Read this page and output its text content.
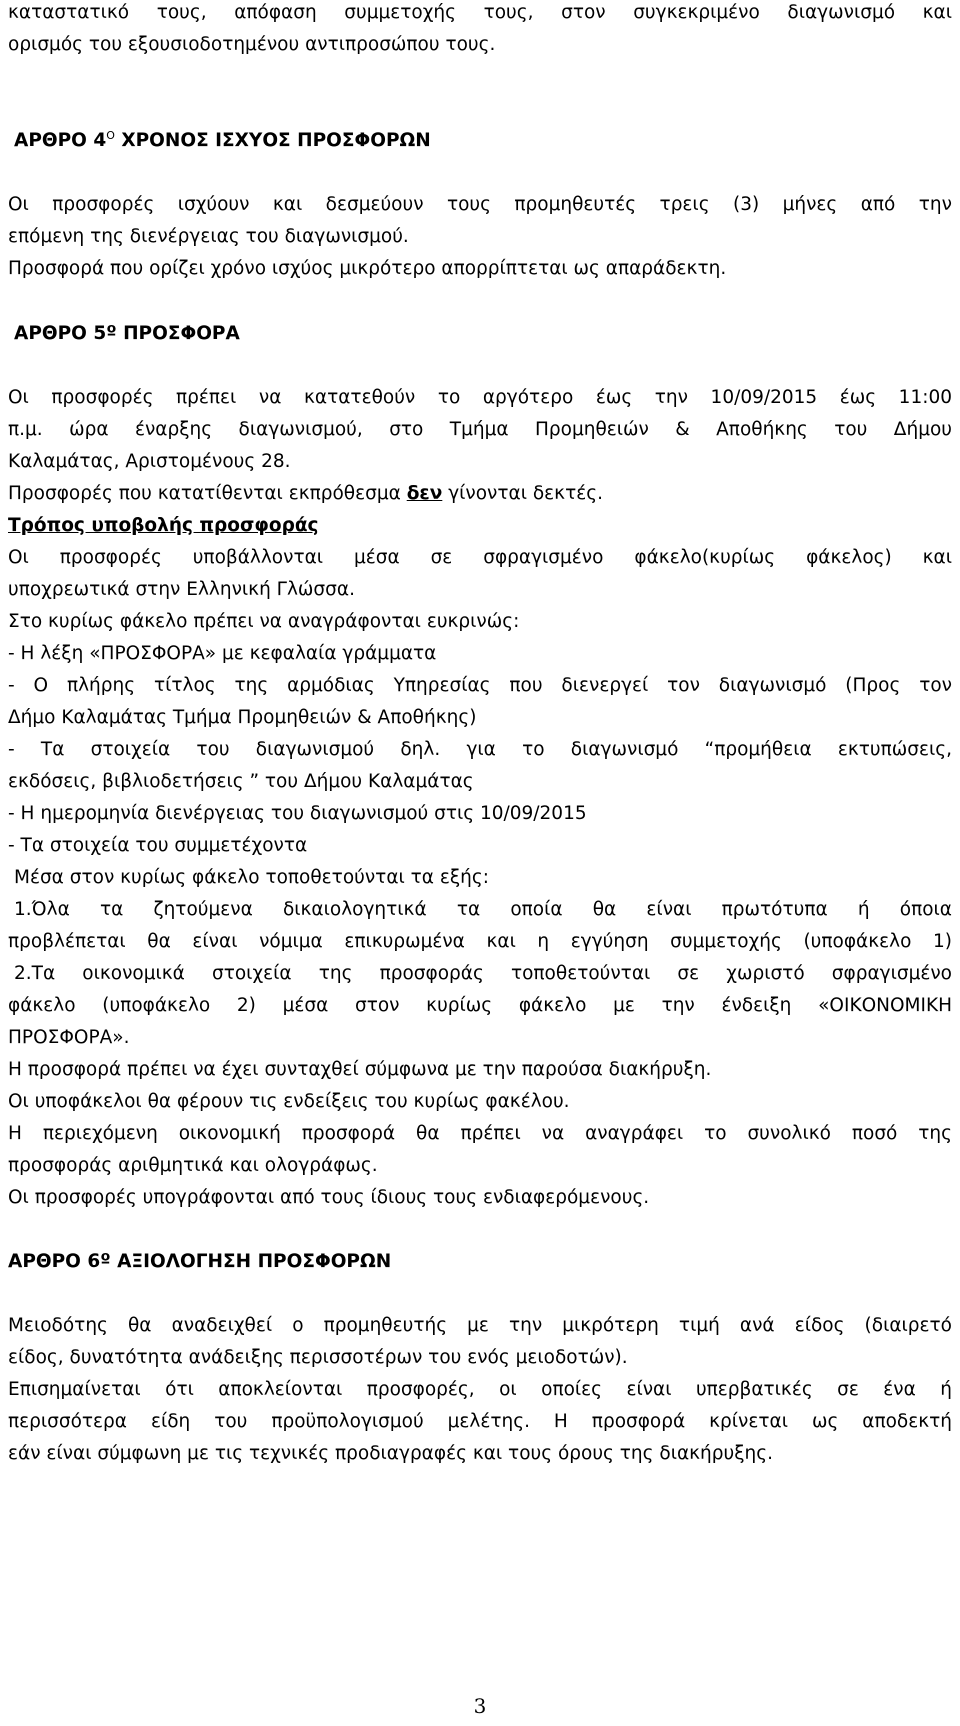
καταστατικό τους, απόφαση συμμετοχής τους, στον συγκεκριμένο διαγωνισμό και

ορισμός του εξουσιοδοτημένου αντιπροσώπου τους.

ΑΡΘΡΟ $4^O$ ΧΡΟΝΟΣ ΙΣΧΥΟΣ ΠΡΟΣΦΟΡΩΝ

Οι προσφορές ισχύουν και δεσμεύουν τους προμηθευτές τρεις (3) μήνες από την

επόμενη της διενέργειας του διαγωνισμού.

Προσφορά που ορίζει χρόνο ισχύος μικρότερο απορρίπτεται ως απαράδεκτη.

ΑΡΘΡΟ 5º ΠΡΟΣΦΟΡΑ

Οι προσφορές πρέπει να κατατεθούν το αργότερο έως την 10/09/2015 έως 11:00

π.μ. ώρα έναρξης διαγωνισμού, στο Τμήμα Προμηθειών & Αποθήκης του Δήμου

Καλαμάτας, Αριστομένους 28.

Προσφορές που κατατίθενται εκπρόθεσμα δεν γίνονται δεκτές.

Τρόπος υποβολής προσφοράς

Οι προσφορές υποβάλλονται μέσα σε σφραγισμένο φάκελο(κυρίως φάκελος) και

υποχρεωτικά στην Ελληνική Γλώσσα.

Στο κυρίως φάκελο πρέπει να αναγράφονται ευκρινώς:

- Η λέξη «ΠΡΟΣΦΟΡΑ» με κεφαλαία γράμματα

- Ο πλήρης τίτλος της αρμόδιας Υπηρεσίας που διενεργεί τον διαγωνισμό (Προς τον

Δήμο Καλαμάτας Τμήμα Προμηθειών & Αποθήκης)

- Τα στοιχεία του διαγωνισμού δηλ. για το διαγωνισμό “προμήθεια εκτυπώσεις,

εκδόσεις, βιβλιοδετήσεις ” του Δήμου Καλαμάτας

- Η ημερομηνία διενέργειας του διαγωνισμού στις 10/09/2015

- Τα στοιχεία του συμμετέχοντα

Μέσα στον κυρίως φάκελο τοποθετούνται τα εξής:

1.Όλα τα ζητούμενα δικαιολογητικά τα οποία θα είναι πρωτότυπα ή όποια

προβλέπεται θα είναι νόμιμα επικυρωμένα και η εγγύηση συμμετοχής (υποφάκελο 1)

2.Τα οικονομικά στοιχεία της προσφοράς τοποθετούνται σε χωριστό σφραγισμένο

φάκελο (υποφάκελο 2) μέσα στον κυρίως φάκελο με την ένδειξη «ΟΙΚΟΝΟΜΙΚΗ

ΠΡΟΣΦΟΡΑ».

Η προσφορά πρέπει να έχει συνταχθεί σύμφωνα με την παρούσα διακήρυξη.

Οι υποφάκελοι θα φέρουν τις ενδείξεις του κυρίως φακέλου.

Η περιεχόμενη οικονομική προσφορά θα πρέπει να αναγράφει το συνολικό ποσό της

προσφοράς αριθμητικά και ολογράφως.

Οι προσφορές υπογράφονται από τους ίδιους τους ενδιαφερόμενους.

ΑΡΘΡΟ 6º ΑΞΙΟΛΟΓΗΣΗ ΠΡΟΣΦΟΡΩΝ

Μειοδότης θα αναδειχθεί ο προμηθευτής με την μικρότερη τιμή ανά είδος (διαιρετό

είδος, δυνατότητα ανάδειξης περισσοτέρων του ενός μειοδοτών).

Επισημαίνεται ότι αποκλείονται προσφορές, οι οποίες είναι υπερβατικές σε ένα ή

περισσότερα είδη του προϋπολογισμού μελέτης. Η προσφορά κρίνεται ως αποδεκτή

εάν είναι σύμφωνη με τις τεχνικές προδιαγραφές και τους όρους της διακήρυξης.

3
